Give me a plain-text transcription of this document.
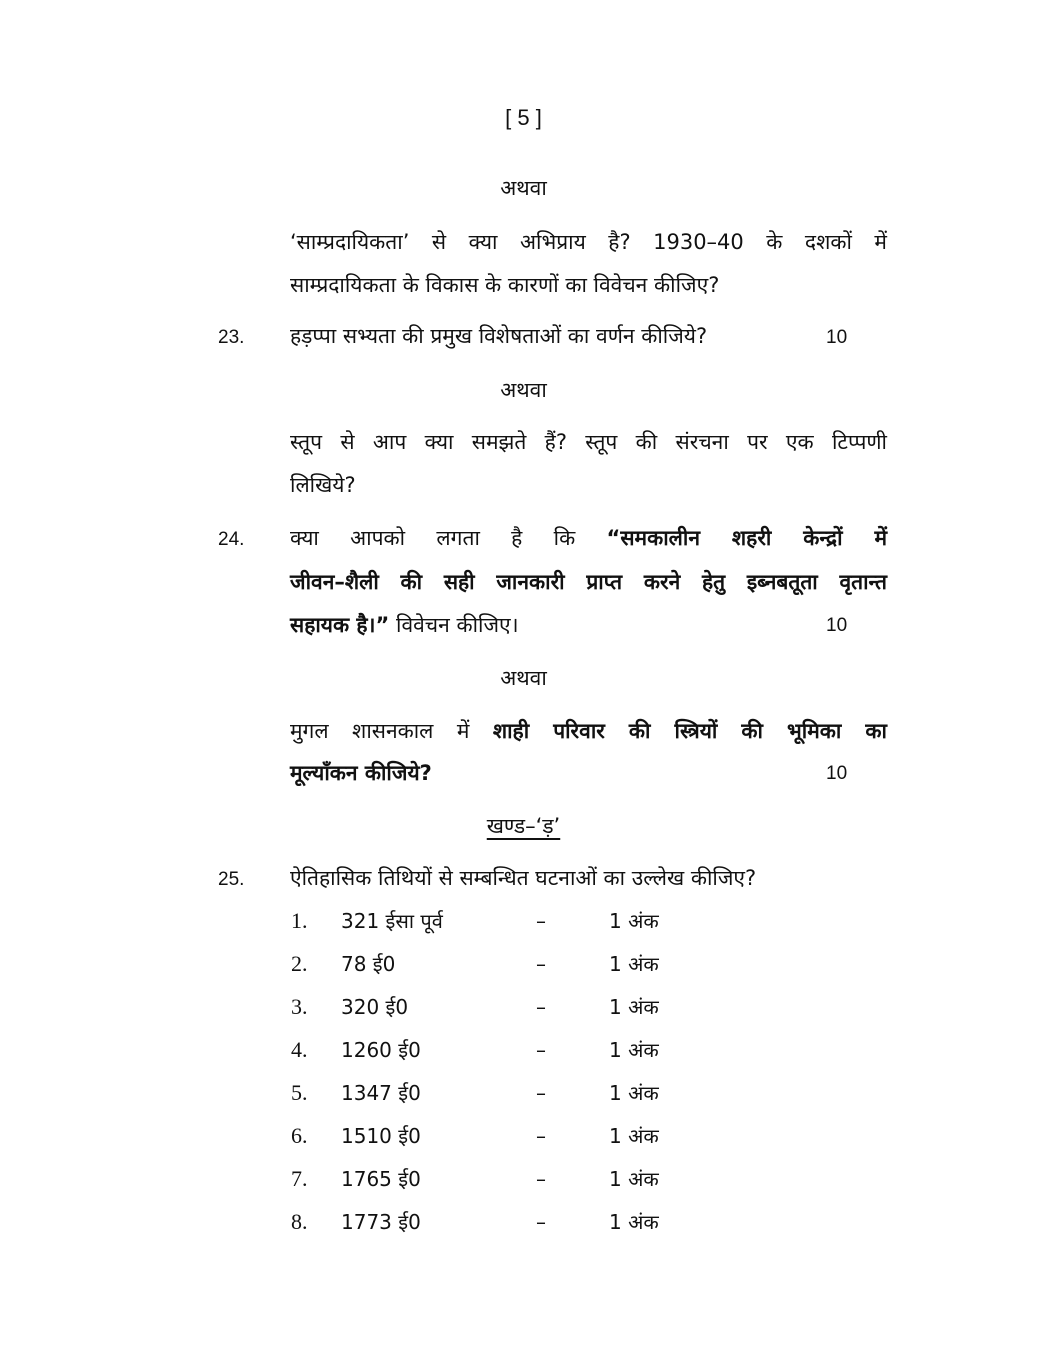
[ 5 ]
अथवा
‘साम्प्रदायिकता’ से क्या अभिप्राय है? 1930–40 के दशकों में
साम्प्रदायिकता के विकास के कारणों का विवेचन कीजिए?
23. हड़प्पा सभ्यता की प्रमुख विशेषताओं का वर्णन कीजिये?	10
अथवा
स्तूप से आप क्या समझते हैं? स्तूप की संरचना पर एक टिप्पणी
लिखिये?
24. क्या आपको लगता है कि “समकालीन शहरी केन्द्रों में
जीवन–शैली की सही जानकारी प्राप्त करने हेतु इब्नबतूता वृतान्त
सहायक है।” विवेचन कीजिए।	10
अथवा
मुगल शासनकाल में शाही परिवार की स्त्रियों की भूमिका का
मूल्याँकन कीजिये?	10
खण्ड–‘ड़’
25. ऐतिहासिक तिथियों से सम्बन्धित घटनाओं का उल्लेख कीजिए?
1. 321 ईसा पूर्व	–	1 अंक
2. 78 ई0	–	1 अंक
3. 320 ई0	–	1 अंक
4. 1260 ई0	–	1 अंक
5. 1347 ई0	–	1 अंक
6. 1510 ई0	–	1 अंक
7. 1765 ई0	–	1 अंक
8. 1773 ई0	–	1 अंक
